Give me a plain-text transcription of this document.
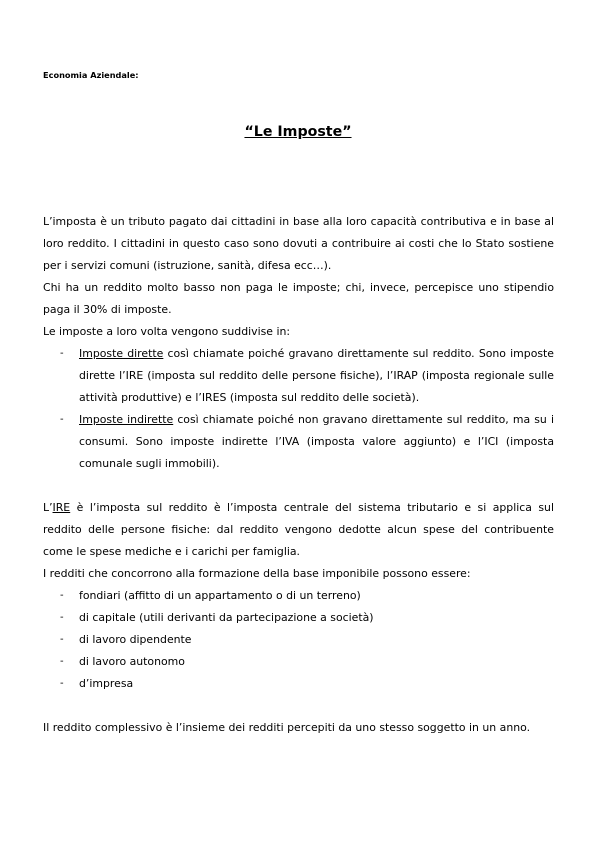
Economia Aziendale:
“Le Imposte”

L’imposta è un tributo pagato dai cittadini in base alla loro capacità contributiva e in base al loro reddito. I cittadini in questo caso sono dovuti a contribuire ai costi che lo Stato sostiene per i servizi comuni (istruzione, sanità, difesa ecc…).

Chi ha un reddito molto basso non paga le imposte; chi, invece, percepisce uno stipendio paga il 30% di imposte.

Le imposte a loro volta vengono suddivise in:

- Imposte dirette così chiamate poiché gravano direttamente sul reddito. Sono imposte dirette l’IRE (imposta sul reddito delle persone fisiche), l’IRAP (imposta regionale sulle attività produttive) e l’IRES (imposta sul reddito delle società).
- Imposte indirette così chiamate poiché non gravano direttamente sul reddito, ma su i consumi. Sono imposte indirette l’IVA (imposta valore aggiunto) e l’ICI (imposta comunale sugli immobili).

L’IRE è l’imposta sul reddito è l’imposta centrale del sistema tributario e si applica sul reddito delle persone fisiche: dal reddito vengono dedotte alcun spese del contribuente come le spese mediche e i carichi per famiglia.

I redditi che concorrono alla formazione della base imponibile possono essere:

- fondiari (affitto di un appartamento o di un terreno)
- di capitale (utili derivanti da partecipazione a società)
- di lavoro dipendente
- di lavoro autonomo
- d’impresa

Il reddito complessivo è l’insieme dei redditi percepiti da uno stesso soggetto in un anno.
